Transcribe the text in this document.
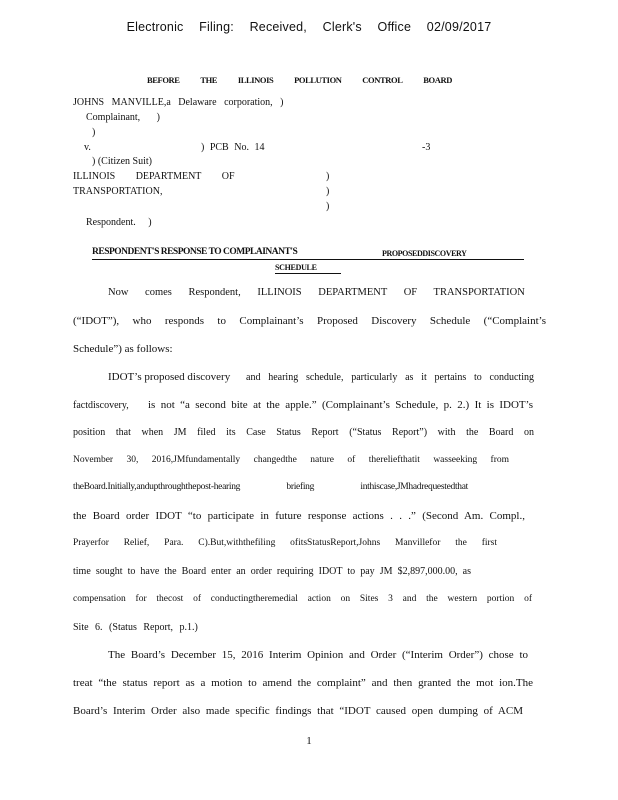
Electronic Filing: Received, Clerk's Office 02/09/2017
BEFORE THE ILLINOIS POLLUTION CONTROL BOARD
JOHNS MANVILLE,a Delaware corporation, )
Complainant, )
)
v.	) PCB No. 14	-3
) (Citizen Suit)
ILLINOIS DEPARTMENT OF	)
TRANSPORTATION,	)
)
Respondent. )
RESPONDENT'S RESPONSE TO COMPLAINANT'S	PROPOSEDDISCOVERY
SCHEDULE
Now comes Respondent, ILLINOIS DEPARTMENT OF TRANSPORTATION
(“IDOT”), who responds to Complainant’s Proposed Discovery Schedule (“Complaint’s
Schedule”) as follows:
IDOT’s proposed discovery and hearing schedule, particularly as it pertains to conducting
factdiscovery, is not “a second bite at the apple.” (Complainant’s Schedule, p. 2.) It is IDOT’s
position that when JM filed its Case Status Report (“Status Report”) with the Board on
November 30, 2016,JMfundamentally changedthe nature of thereliefthatit wasseeking from
theBoard.Initially,andupthroughthepost-hearing briefing inthiscase,JMhadrequestedthat
the Board order IDOT “to participate in future response actions . . .” (Second Am. Compl.,
Prayerfor Relief, Para. C).But,withthefiling ofitsStatusReport,Johns Manvillefor the first
time sought to have the Board enter an order requiring IDOT to pay JM $2,897,000.00, as
compensation for thecost of conductingtheremedial action on Sites 3 and the western portion of
Site 6. (Status Report, p.1.)
The Board’s December 15, 2016 Interim Opinion and Order (“Interim Order”) chose to
treat “the status report as a motion to amend the complaint” and then granted the mot ion.The
Board’s Interim Order also made specific findings that “IDOT caused open dumping of ACM
1
